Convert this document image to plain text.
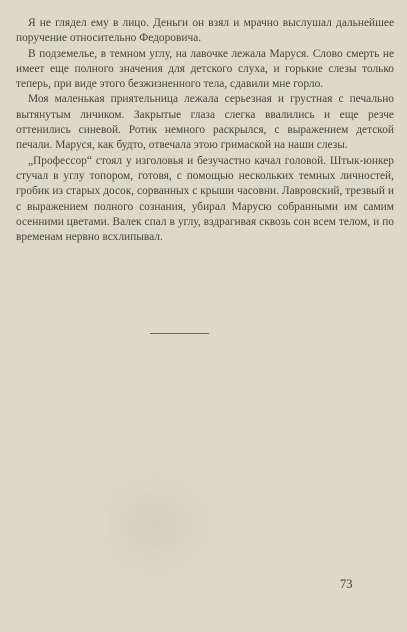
Я не глядел ему в лицо. Деньги он взял и мрачно выслушал дальнейшее поручение относительно Федоровича.

В подземелье, в темном углу, на лавочке лежала Маруся. Слово смерть не имеет еще полного значения для детского слуха, и горькие слезы только теперь, при виде этого безжизненного тела, сдавили мне горло.

Моя маленькая приятельница лежала серьезная и грустная с печально вытянутым личиком. Закрытые глаза слегка ввалились и еще резче оттенились синевой. Ротик немного раскрылся, с выражением детской печали. Маруся, как будто, отвечала этою гримаской на наши слезы.

„Профессор“ стоял у изголовья и безучастно качал головой. Штык-юнкер стучал в углу топором, готовя, с помощью нескольких темных личностей, гробик из старых досок, сорванных с крыши часовни. Лавровский, трезвый и с выражением полного сознания, убирал Марусю собранными им самим осенними цветами. Валек спал в углу, вздрагивая сквозь сон всем телом, и по временам нервно всхлипывал.

73
